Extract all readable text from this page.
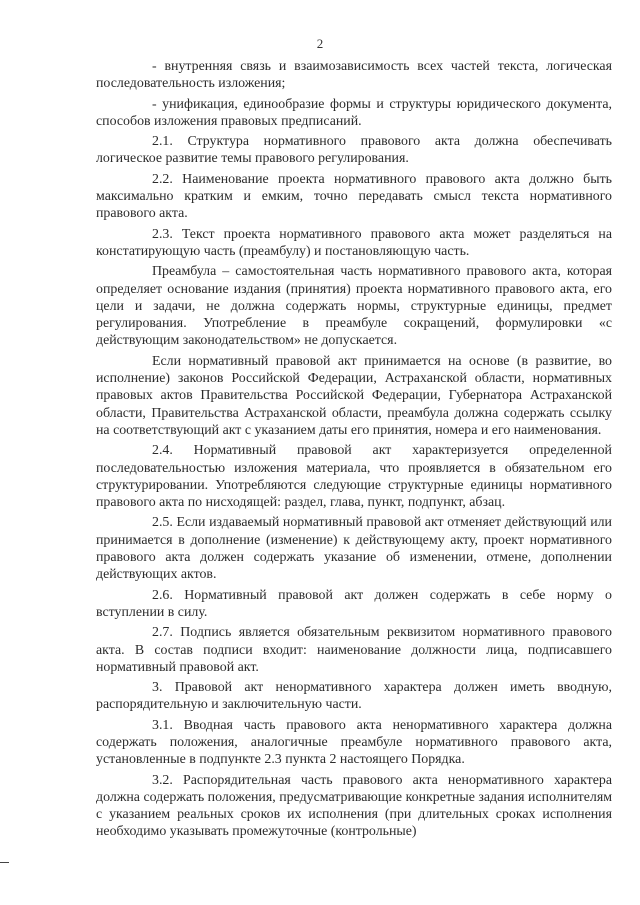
2

- внутренняя связь и взаимозависимость всех частей текста, логическая последовательность изложения;

- унификация, единообразие формы и структуры юридического документа, способов изложения правовых предписаний.

2.1. Структура нормативного правового акта должна обеспечивать логическое развитие темы правового регулирования.

2.2. Наименование проекта нормативного правового акта должно быть максимально кратким и емким, точно передавать смысл текста нормативного правового акта.

2.3. Текст проекта нормативного правового акта может разделяться на констатирующую часть (преамбулу) и постановляющую часть.

Преамбула – самостоятельная часть нормативного правового акта, которая определяет основание издания (принятия) проекта нормативного правового акта, его цели и задачи, не должна содержать нормы, структурные единицы, предмет регулирования. Употребление в преамбуле сокращений, формулировки «с действующим законодательством» не допускается.

Если нормативный правовой акт принимается на основе (в развитие, во исполнение) законов Российской Федерации, Астраханской области, нормативных правовых актов Правительства Российской Федерации, Губернатора Астраханской области, Правительства Астраханской области, преамбула должна содержать ссылку на соответствующий акт с указанием даты его принятия, номера и его наименования.

2.4. Нормативный правовой акт характеризуется определенной последовательностью изложения материала, что проявляется в обязательном его структурировании. Употребляются следующие структурные единицы нормативного правового акта по нисходящей: раздел, глава, пункт, подпункт, абзац.

2.5. Если издаваемый нормативный правовой акт отменяет действующий или принимается в дополнение (изменение) к действующему акту, проект нормативного правового акта должен содержать указание об изменении, отмене, дополнении действующих актов.

2.6. Нормативный правовой акт должен содержать в себе норму о вступлении в силу.

2.7. Подпись является обязательным реквизитом нормативного правового акта. В состав подписи входит: наименование должности лица, подписавшего нормативный правовой акт.

3. Правовой акт ненормативного характера должен иметь вводную, распорядительную и заключительную части.

3.1. Вводная часть правового акта ненормативного характера должна содержать положения, аналогичные преамбуле нормативного правового акта, установленные в подпункте 2.3 пункта 2 настоящего Порядка.

3.2. Распорядительная часть правового акта ненормативного характера должна содержать положения, предусматривающие конкретные задания исполнителям с указанием реальных сроков их исполнения (при длительных сроках исполнения необходимо указывать промежуточные (контрольные)
